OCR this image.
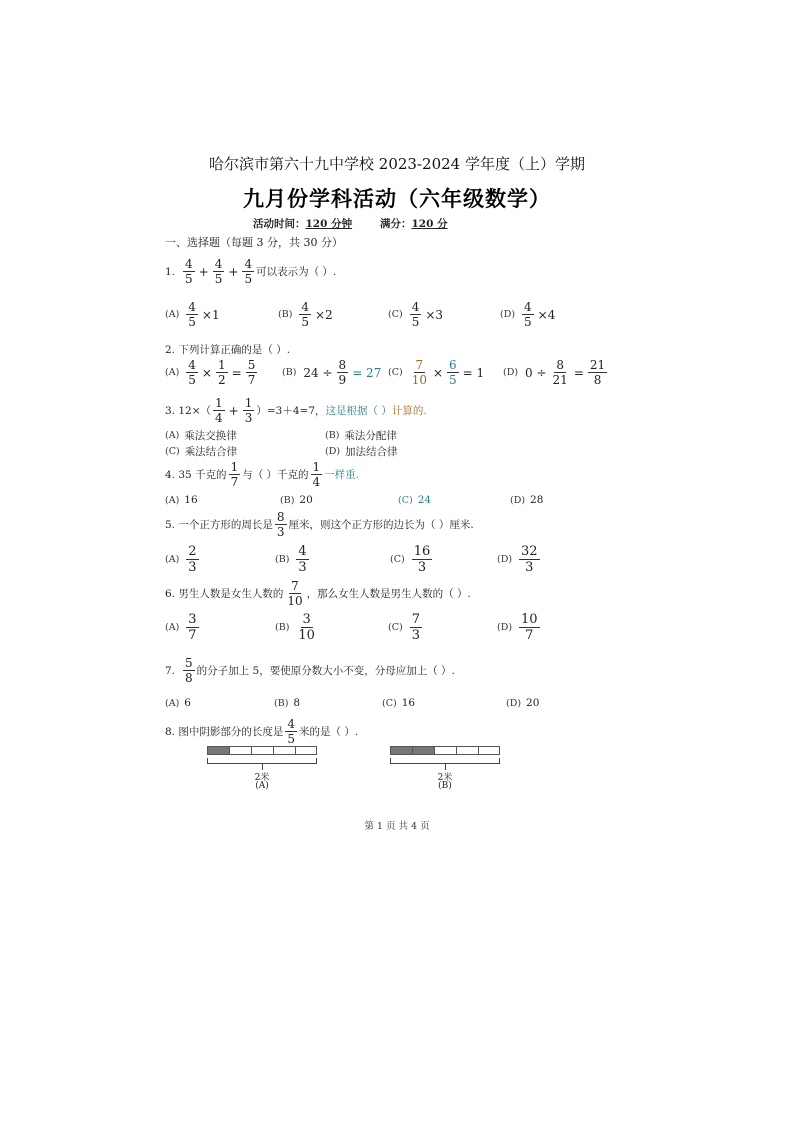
哈尔滨市第六十九中学校 2023-2024 学年度（上）学期
九月份学科活动（六年级数学）
活动时间：120 分钟	满分：120 分
一、选择题（每题 3 分，共 30 分）
1. $\frac{4}{5} + \frac{4}{5} + \frac{4}{5}$ 可以表示为（ ）.
$(A) \frac{4}{5} \times 1$	$(B) \frac{4}{5} \times 2$	$(C) \frac{4}{5} \times 3$	$(D) \frac{4}{5} \times 4$
2. 下列计算正确的是（ ）.
$(A) \frac{4}{5} \times \frac{1}{2} = \frac{5}{7}$	(B) $24 \div \frac{8}{9} = 27$ $(C) \frac{7}{10} \times \frac{6}{5} = 1$ (D) $0 \div \frac{8}{21} = \frac{21}{8}$
3. $12\times( \frac{1}{4} + \frac{1}{3} )=3+4=7$， 这是根据（ ） 计算的.
(A) 乘法交换律	(B) 乘法分配律
(C) 乘法结合律	(D) 加法结合律
4. 35 千克的 $\frac{1}{7}$ 与（ ）千克的 $\frac{1}{4}$ 一样重.
(A) 16	(B) 20	(C) 24	(D) 28
5. 一个正方形的周长是 $\frac{8}{3}$ 厘米，则这个正方形的边长为（ ）厘米.
$(A) \frac{2}{3}$	$(B) \frac{4}{3}$	$(C) \frac{16}{3}$	$(D) \frac{32}{3}$
6. 男生人数是女生人数的 $\frac{7}{10}$ ，那么女生人数是男生人数的（ ）.
$(A) \frac{3}{7}$	$(B) \frac{3}{10}$	$(C) \frac{7}{3}$	$(D) \frac{10}{7}$
7. $\frac{5}{8}$ 的分子加上 5，要使原分数大小不变，分母应加上（ ）.
(A) 6	(B) 8	(C) 16	(D) 20
8. 图中阴影部分的长度是 $\frac{4}{5}$ 米的是（ ）.
2米
(A)
2米
(B)
第 1 页 共 4 页
